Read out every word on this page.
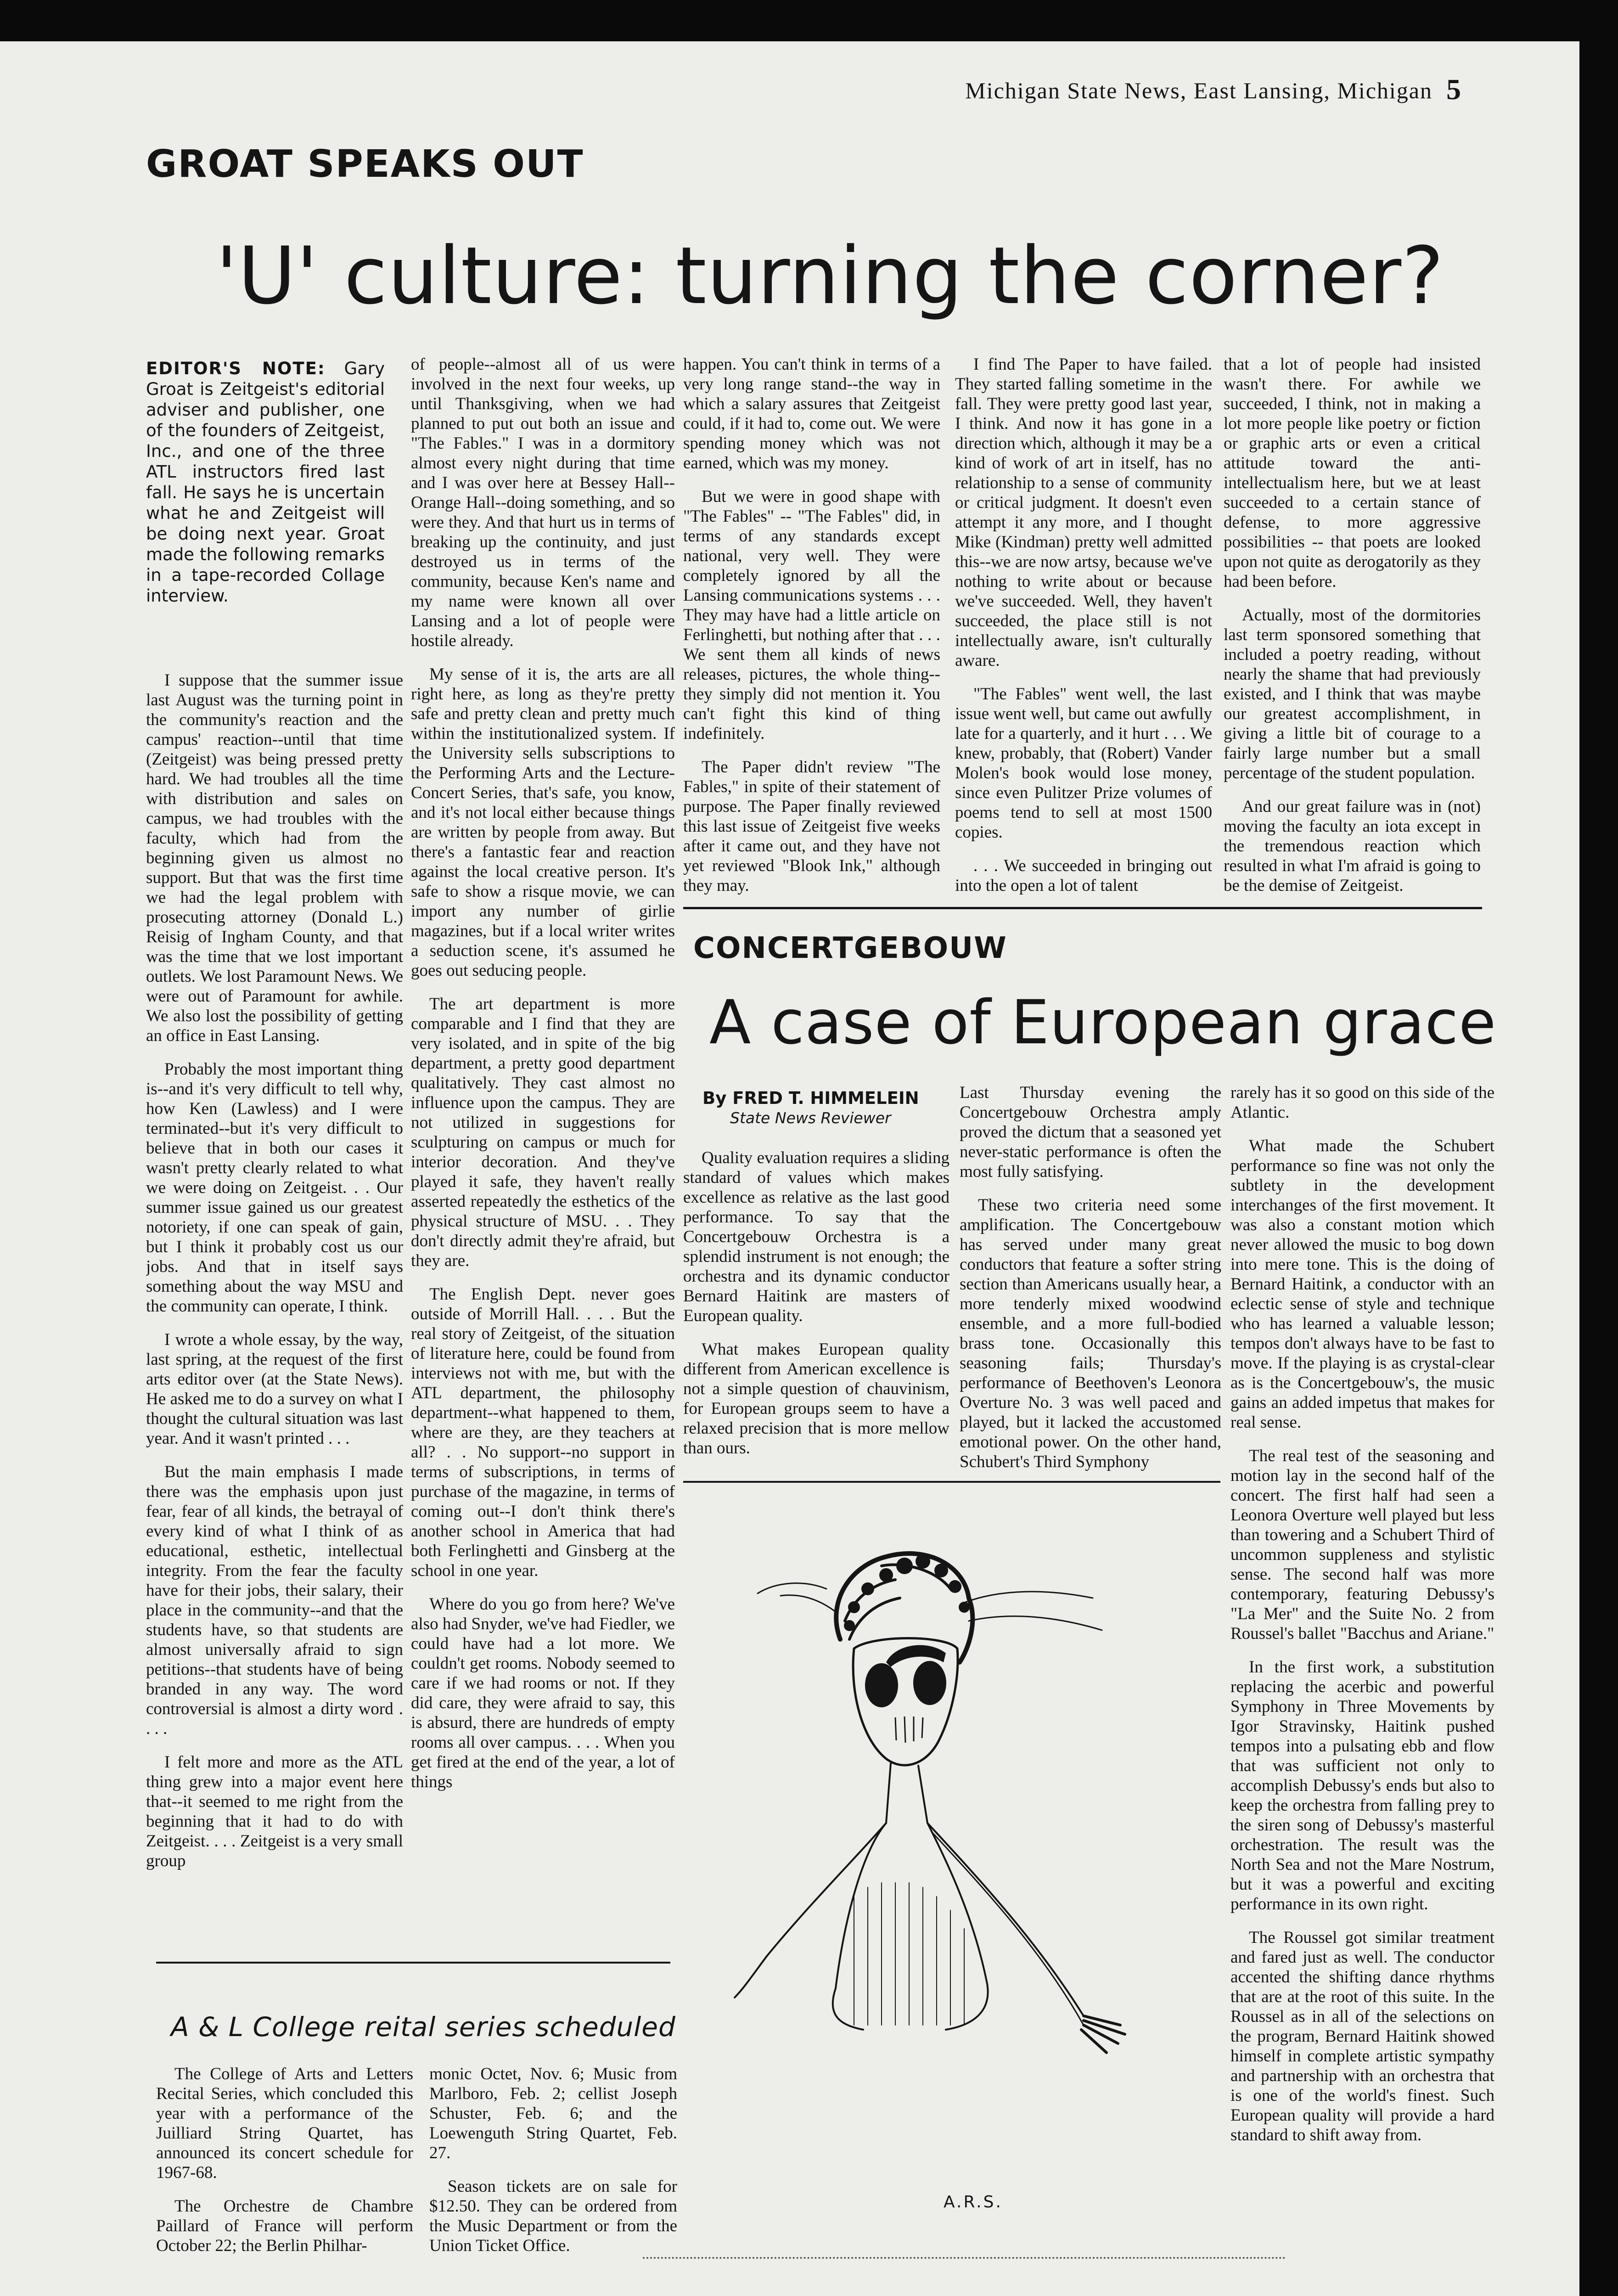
Michigan State News, East Lansing, Michigan 5
GROAT SPEAKS OUT
'U' culture: turning the corner?
EDITOR'S NOTE: Gary Groat is Zeitgeist's editorial adviser and publisher, one of the founders of Zeitgeist, Inc., and one of the three ATL instructors fired last fall. He says he is uncertain what he and Zeitgeist will be doing next year. Groat made the following remarks in a tape-recorded Collage interview.

I suppose that the summer issue last August was the turning point in the community's reaction and the campus' reaction--until that time (Zeitgeist) was being pressed pretty hard. We had troubles all the time with distribution and sales on campus, we had troubles with the faculty, which had from the beginning given us almost no support. But that was the first time we had the legal problem with prosecuting attorney (Donald L.) Reisig of Ingham County, and that was the time that we lost important outlets. We lost Paramount News. We were out of Paramount for awhile. We also lost the possibility of getting an office in East Lansing.

Probably the most important thing is--and it's very difficult to tell why, how Ken (Lawless) and I were terminated--but it's very difficult to believe that in both our cases it wasn't pretty clearly related to what we were doing on Zeitgeist. . . Our summer issue gained us our greatest notoriety, if one can speak of gain, but I think it probably cost us our jobs. And that in itself says something about the way MSU and the community can operate, I think.

I wrote a whole essay, by the way, last spring, at the request of the first arts editor over (at the State News). He asked me to do a survey on what I thought the cultural situation was last year. And it wasn't printed . . .

But the main emphasis I made there was the emphasis upon just fear, fear of all kinds, the betrayal of every kind of what I think of as educational, esthetic, intellectual integrity. From the fear the faculty have for their jobs, their salary, their place in the community--and that the students have, so that students are almost universally afraid to sign petitions--that students have of being branded in any way. The word controversial is almost a dirty word . . . .

I felt more and more as the ATL thing grew into a major event here that--it seemed to me right from the beginning that it had to do with Zeitgeist. . . . Zeitgeist is a very small group

of people--almost all of us were involved in the next four weeks, up until Thanksgiving, when we had planned to put out both an issue and "The Fables." I was in a dormitory almost every night during that time and I was over here at Bessey Hall--Orange Hall--doing something, and so were they. And that hurt us in terms of breaking up the continuity, and just destroyed us in terms of the community, because Ken's name and my name were known all over Lansing and a lot of people were hostile already.

My sense of it is, the arts are all right here, as long as they're pretty safe and pretty clean and pretty much within the institutionalized system. If the University sells subscriptions to the Performing Arts and the Lecture-Concert Series, that's safe, you know, and it's not local either because things are written by people from away. But there's a fantastic fear and reaction against the local creative person. It's safe to show a risque movie, we can import any number of girlie magazines, but if a local writer writes a seduction scene, it's assumed he goes out seducing people.

The art department is more comparable and I find that they are very isolated, and in spite of the big department, a pretty good department qualitatively. They cast almost no influence upon the campus. They are not utilized in suggestions for sculpturing on campus or much for interior decoration. And they've played it safe, they haven't really asserted repeatedly the esthetics of the physical structure of MSU. . . They don't directly admit they're afraid, but they are.

The English Dept. never goes outside of Morrill Hall. . . . But the real story of Zeitgeist, of the situation of literature here, could be found from interviews not with me, but with the ATL department, the philosophy department--what happened to them, where are they, are they teachers at all? . . No support--no support in terms of subscriptions, in terms of purchase of the magazine, in terms of coming out--I don't think there's another school in America that had both Ferlinghetti and Ginsberg at the school in one year.

Where do you go from here? We've also had Snyder, we've had Fiedler, we could have had a lot more. We couldn't get rooms. Nobody seemed to care if we had rooms or not. If they did care, they were afraid to say, this is absurd, there are hundreds of empty rooms all over campus. . . . When you get fired at the end of the year, a lot of things

happen. You can't think in terms of a very long range stand--the way in which a salary assures that Zeitgeist could, if it had to, come out. We were spending money which was not earned, which was my money.

But we were in good shape with "The Fables" -- "The Fables" did, in terms of any standards except national, very well. They were completely ignored by all the Lansing communications systems . . . They may have had a little article on Ferlinghetti, but nothing after that . . . We sent them all kinds of news releases, pictures, the whole thing--they simply did not mention it. You can't fight this kind of thing indefinitely.

The Paper didn't review "The Fables," in spite of their statement of purpose. The Paper finally reviewed this last issue of Zeitgeist five weeks after it came out, and they have not yet reviewed "Blook Ink," although they may.

I find The Paper to have failed. They started falling sometime in the fall. They were pretty good last year, I think. And now it has gone in a direction which, although it may be a kind of work of art in itself, has no relationship to a sense of community or critical judgment. It doesn't even attempt it any more, and I thought Mike (Kindman) pretty well admitted this--we are now artsy, because we've nothing to write about or because we've succeeded. Well, they haven't succeeded, the place still is not intellectually aware, isn't culturally aware.

"The Fables" went well, the last issue went well, but came out awfully late for a quarterly, and it hurt . . . We knew, probably, that (Robert) Vander Molen's book would lose money, since even Pulitzer Prize volumes of poems tend to sell at most 1500 copies.

. . . We succeeded in bringing out into the open a lot of talent

that a lot of people had insisted wasn't there. For awhile we succeeded, I think, not in making a lot more people like poetry or fiction or graphic arts or even a critical attitude toward the anti-intellectualism here, but we at least succeeded to a certain stance of defense, to more aggressive possibilities -- that poets are looked upon not quite as derogatorily as they had been before.

Actually, most of the dormitories last term sponsored something that included a poetry reading, without nearly the shame that had previously existed, and I think that was maybe our greatest accomplishment, in giving a little bit of courage to a fairly large number but a small percentage of the student population.

And our great failure was in (not) moving the faculty an iota except in the tremendous reaction which resulted in what I'm afraid is going to be the demise of Zeitgeist.

CONCERTGEBOUW
A case of European grace
By FRED T. HIMMELEIN
State News Reviewer

Quality evaluation requires a sliding standard of values which makes excellence as relative as the last good performance. To say that the Concertgebouw Orchestra is a splendid instrument is not enough; the orchestra and its dynamic conductor Bernard Haitink are masters of European quality.

What makes European quality different from American excellence is not a simple question of chauvinism, for European groups seem to have a relaxed precision that is more mellow than ours.

Last Thursday evening the Concertgebouw Orchestra amply proved the dictum that a seasoned yet never-static performance is often the most fully satisfying.

These two criteria need some amplification. The Concertgebouw has served under many great conductors that feature a softer string section than Americans usually hear, a more tenderly mixed woodwind ensemble, and a more full-bodied brass tone. Occasionally this seasoning fails; Thursday's performance of Beethoven's Leonora Overture No. 3 was well paced and played, but it lacked the accustomed emotional power. On the other hand, Schubert's Third Symphony

rarely has it so good on this side of the Atlantic.

What made the Schubert performance so fine was not only the subtlety in the development interchanges of the first movement. It was also a constant motion which never allowed the music to bog down into mere tone. This is the doing of Bernard Haitink, a conductor with an eclectic sense of style and technique who has learned a valuable lesson; tempos don't always have to be fast to move. If the playing is as crystal-clear as is the Concertgebouw's, the music gains an added impetus that makes for real sense.

The real test of the seasoning and motion lay in the second half of the concert. The first half had seen a Leonora Overture well played but less than towering and a Schubert Third of uncommon suppleness and stylistic sense. The second half was more contemporary, featuring Debussy's "La Mer" and the Suite No. 2 from Roussel's ballet "Bacchus and Ariane."

In the first work, a substitution replacing the acerbic and powerful Symphony in Three Movements by Igor Stravinsky, Haitink pushed tempos into a pulsating ebb and flow that was sufficient not only to accomplish Debussy's ends but also to keep the orchestra from falling prey to the siren song of Debussy's masterful orchestration. The result was the North Sea and not the Mare Nostrum, but it was a powerful and exciting performance in its own right.

The Roussel got similar treatment and fared just as well. The conductor accented the shifting dance rhythms that are at the root of this suite. In the Roussel as in all of the selections on the program, Bernard Haitink showed himself in complete artistic sympathy and partnership with an orchestra that is one of the world's finest. Such European quality will provide a hard standard to shift away from.

A.R.S.
A & L College reital series scheduled

The College of Arts and Letters Recital Series, which concluded this year with a performance of the Juilliard String Quartet, has announced its concert schedule for 1967-68.

The Orchestre de Chambre Paillard of France will perform October 22; the Berlin Philhar-

monic Octet, Nov. 6; Music from Marlboro, Feb. 2; cellist Joseph Schuster, Feb. 6; and the Loewenguth String Quartet, Feb. 27.

Season tickets are on sale for $12.50. They can be ordered from the Music Department or from the Union Ticket Office.
